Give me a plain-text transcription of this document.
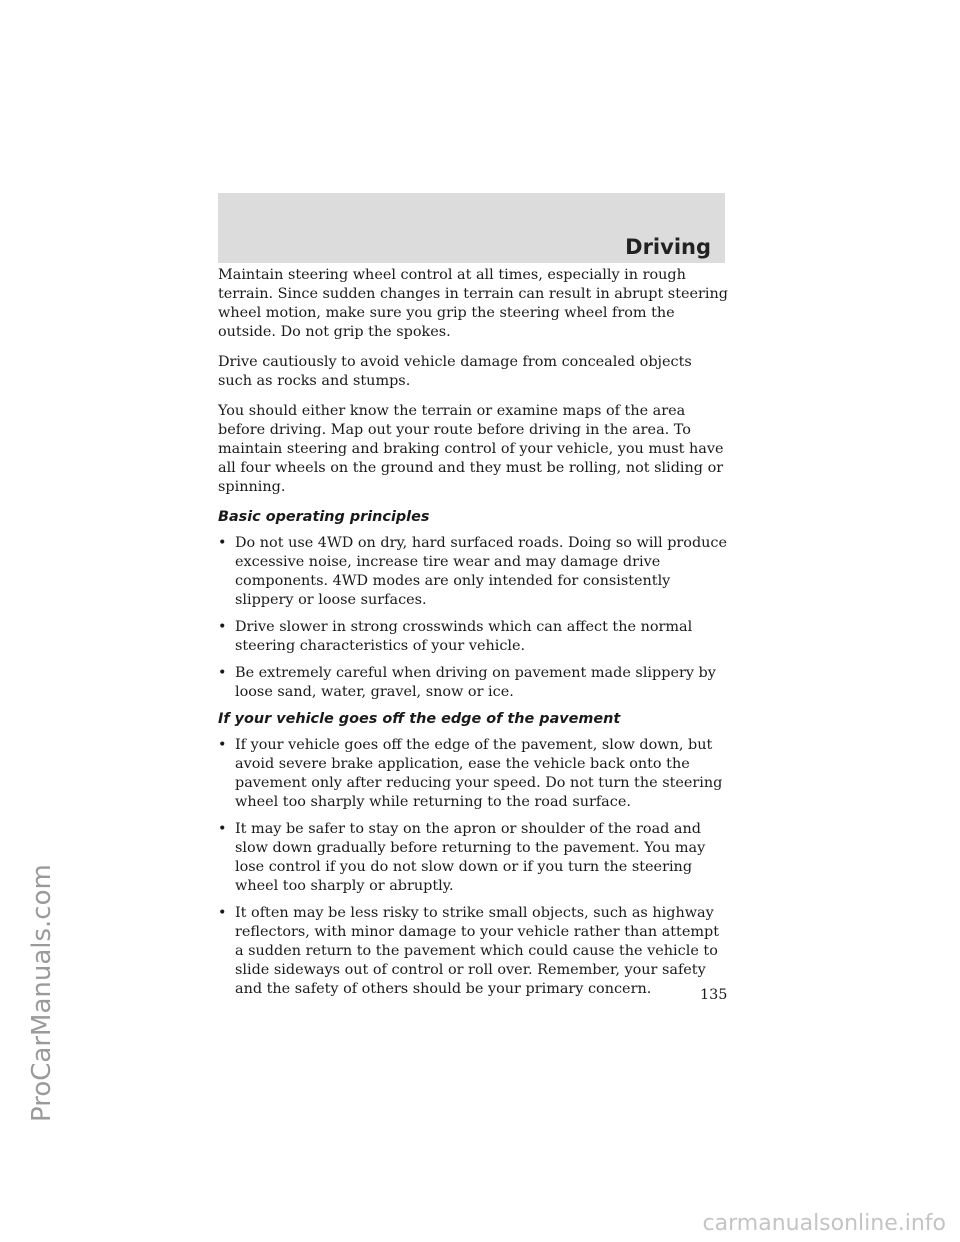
Driving

Maintain steering wheel control at all times, especially in rough terrain. Since sudden changes in terrain can result in abrupt steering wheel motion, make sure you grip the steering wheel from the outside. Do not grip the spokes.

Drive cautiously to avoid vehicle damage from concealed objects such as rocks and stumps.

You should either know the terrain or examine maps of the area before driving. Map out your route before driving in the area. To maintain steering and braking control of your vehicle, you must have all four wheels on the ground and they must be rolling, not sliding or spinning.

Basic operating principles
• Do not use 4WD on dry, hard surfaced roads. Doing so will produce excessive noise, increase tire wear and may damage drive components. 4WD modes are only intended for consistently slippery or loose surfaces.
• Drive slower in strong crosswinds which can affect the normal steering characteristics of your vehicle.
• Be extremely careful when driving on pavement made slippery by loose sand, water, gravel, snow or ice.
If your vehicle goes off the edge of the pavement
• If your vehicle goes off the edge of the pavement, slow down, but avoid severe brake application, ease the vehicle back onto the pavement only after reducing your speed. Do not turn the steering wheel too sharply while returning to the road surface.
• It may be safer to stay on the apron or shoulder of the road and slow down gradually before returning to the pavement. You may lose control if you do not slow down or if you turn the steering wheel too sharply or abruptly.
• It often may be less risky to strike small objects, such as highway reflectors, with minor damage to your vehicle rather than attempt a sudden return to the pavement which could cause the vehicle to slide sideways out of control or roll over. Remember, your safety and the safety of others should be your primary concern.	135
ProCarManuals.com
carmanualsonline.info
